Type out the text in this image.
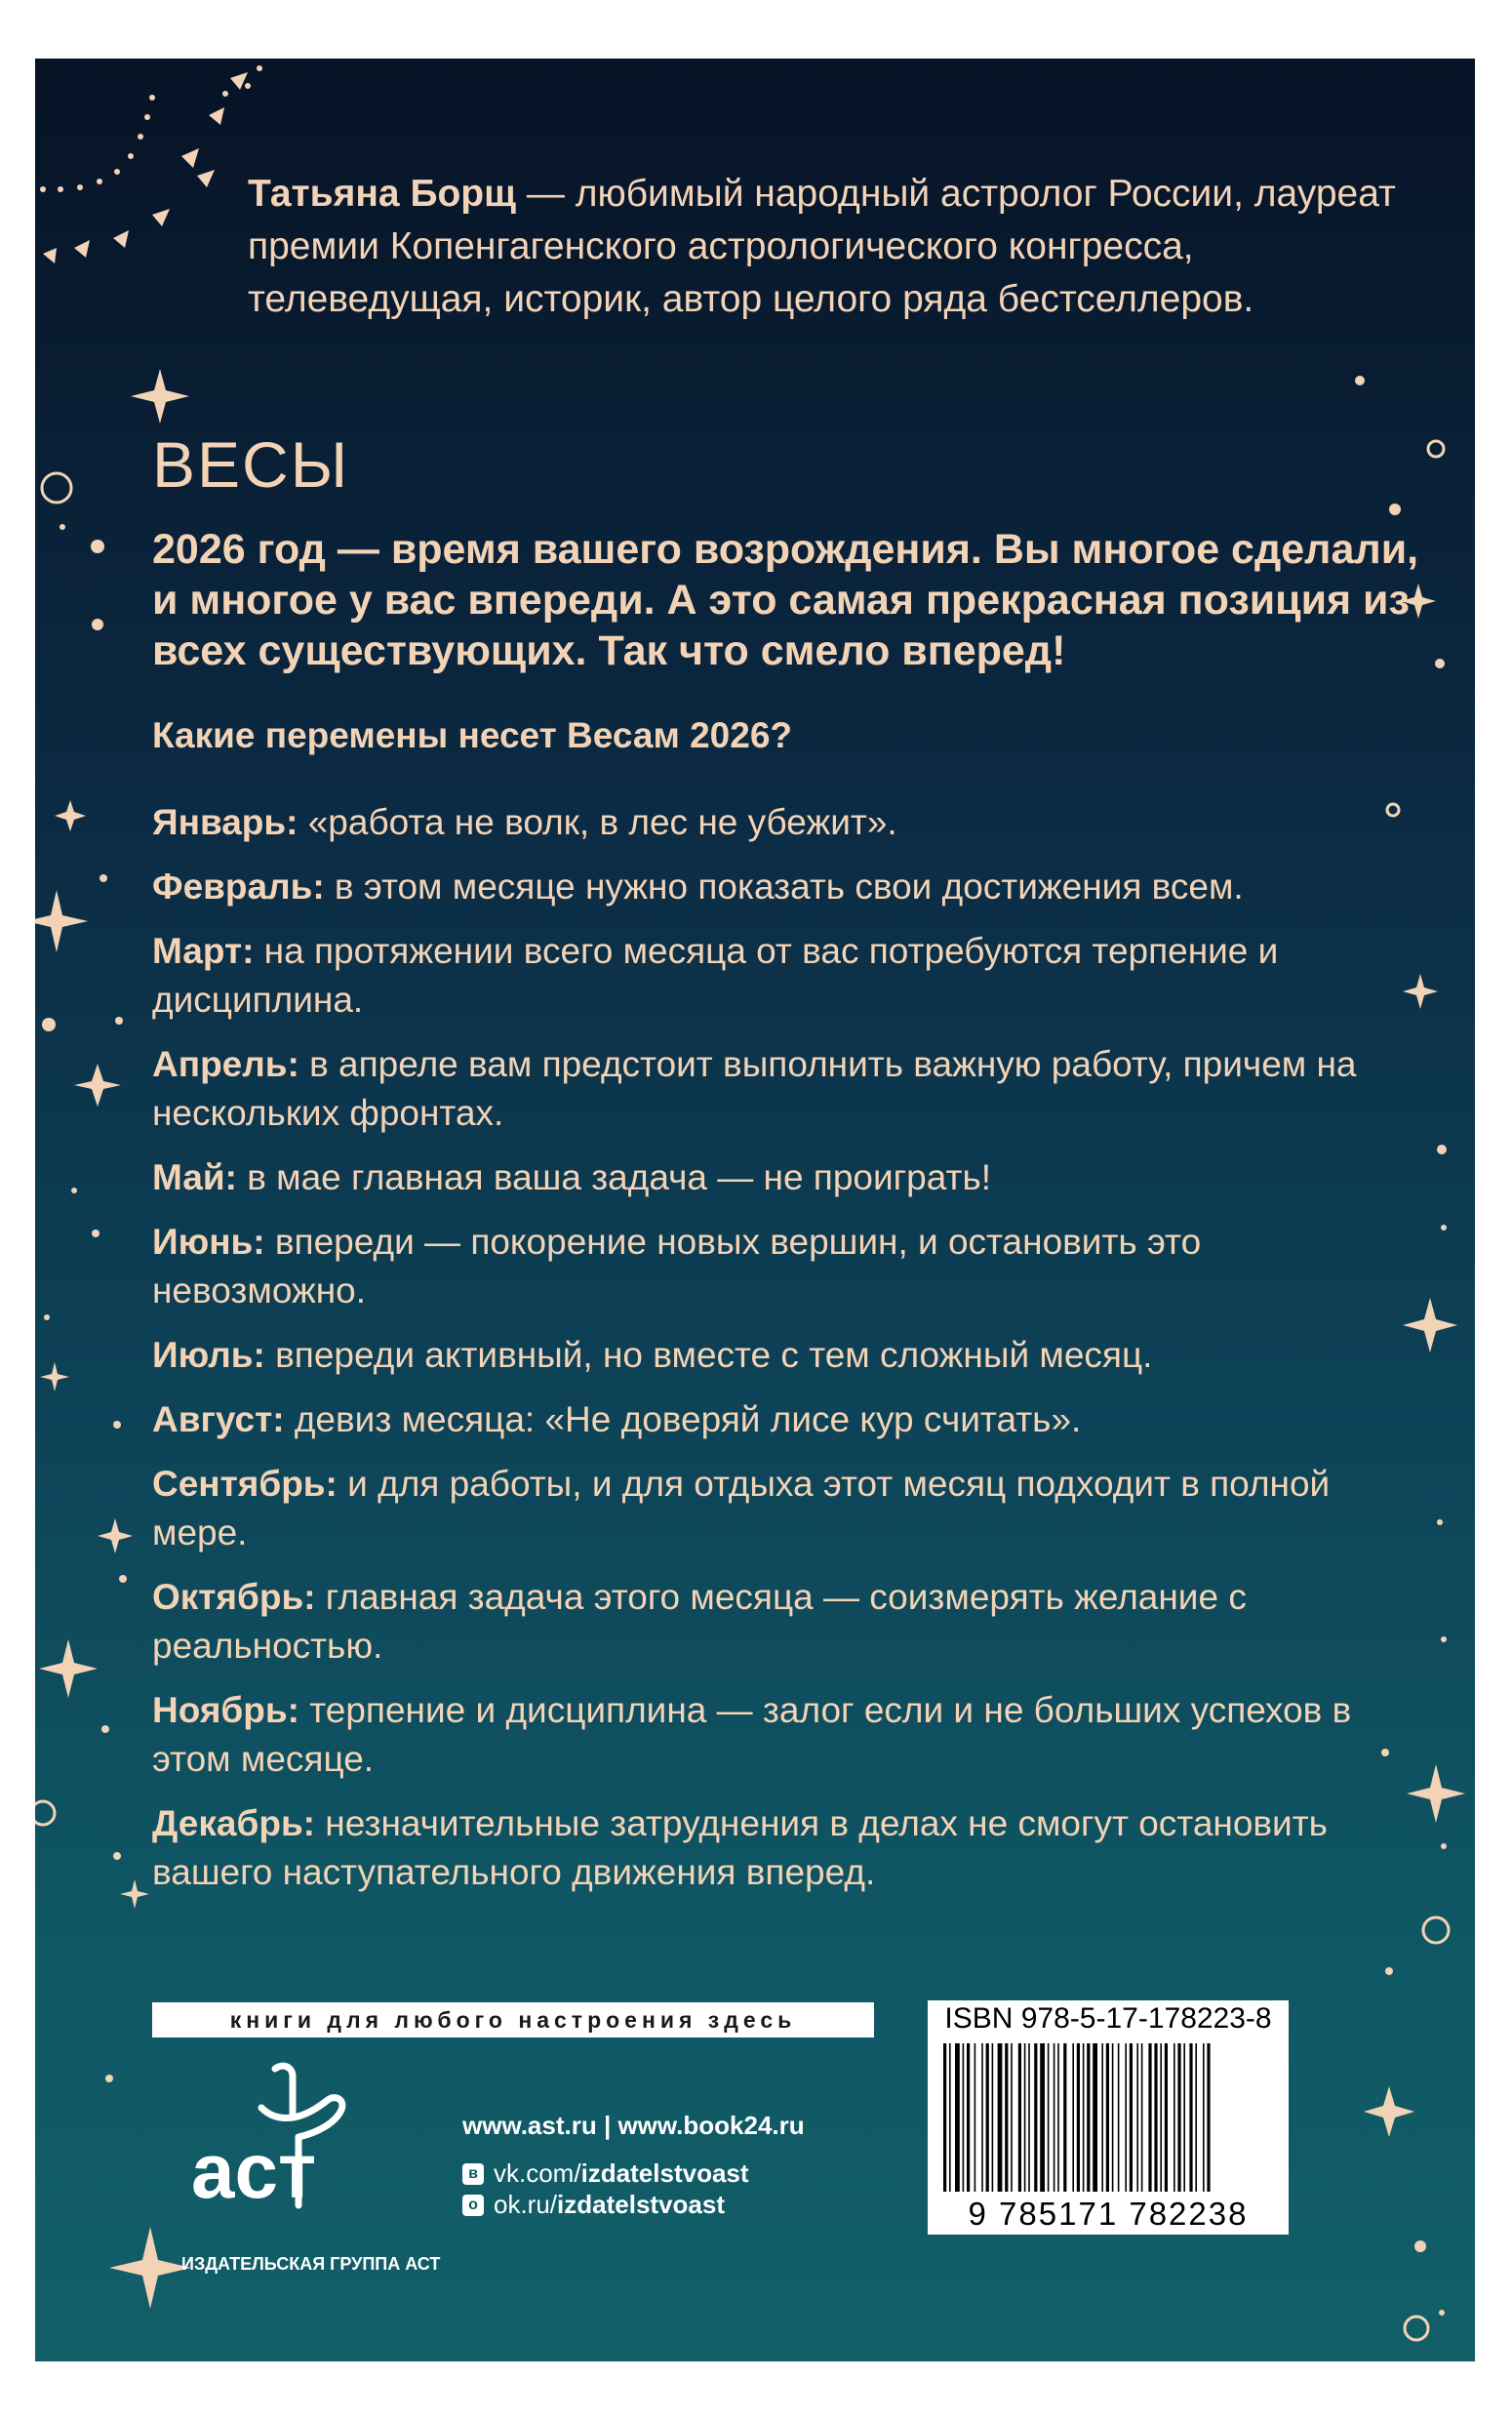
Татьяна Борщ — любимый народный астролог России, лауреат премии Копенгагенского астрологического конгресса, телеведущая, историк, автор целого ряда бестселлеров.
ВЕСЫ
2026 год — время вашего возрождения. Вы многое сделали, и многое у вас впереди. А это самая прекрасная позиция из всех существующих. Так что смело вперед!
Какие перемены несет Весам 2026?
Январь: «работа не волк, в лес не убежит».
Февраль: в этом месяце нужно показать свои достижения всем.
Март: на протяжении всего месяца от вас потребуются терпение и дисциплина.
Апрель: в апреле вам предстоит выполнить важную работу, причем на нескольких фронтах.
Май: в мае главная ваша задача — не проиграть!
Июнь: впереди — покорение новых вершин, и остановить это невозможно.
Июль: впереди активный, но вместе с тем сложный месяц.
Август: девиз месяца: «Не доверяй лисе кур считать».
Сентябрь: и для работы, и для отдыха этот месяц подходит в полной мере.
Октябрь: главная задача этого месяца — соизмерять желание с реальностью.
Ноябрь: терпение и дисциплина — залог если и не больших успехов в этом месяце.
Декабрь: незначительные затруднения в делах не смогут остановить вашего наступательного движения вперед.
книги для любого настроения здесь
аст
ИЗДАТЕЛЬСКАЯ ГРУППА АСТ
www.ast.ru | www.book24.ru
в vk.com/ izdatelstvoast
о ok.ru/ izdatelstvoast
ISBN 978-5-17-178223-8
9 785171 782238
